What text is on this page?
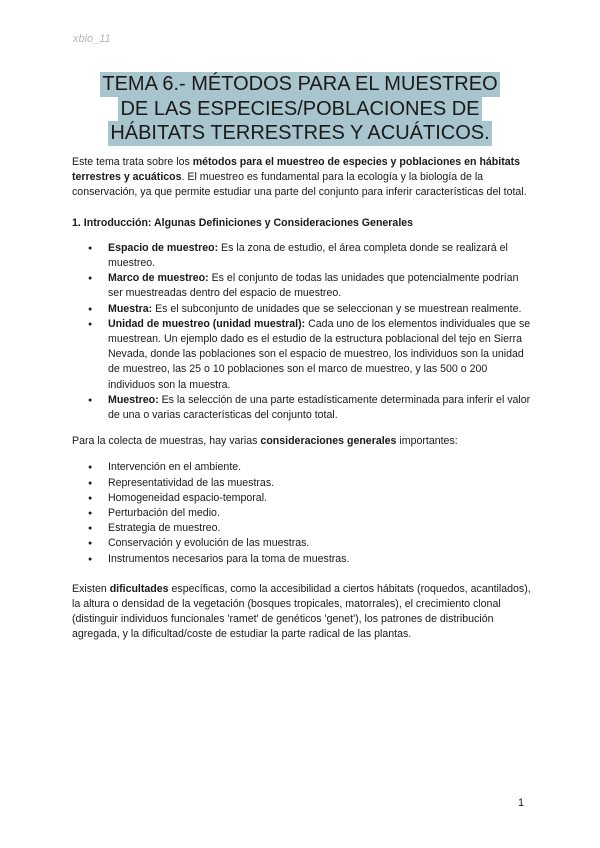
xbio_11
TEMA 6.- MÉTODOS PARA EL MUESTREO
DE LAS ESPECIES/POBLACIONES DE
HÁBITATS TERRESTRES Y ACUÁTICOS.

Este tema trata sobre los métodos para el muestreo de especies y poblaciones en hábitats terrestres y acuáticos. El muestreo es fundamental para la ecología y la biología de la conservación, ya que permite estudiar una parte del conjunto para inferir características del total.

1. Introducción: Algunas Definiciones y Consideraciones Generales

● Espacio de muestreo: Es la zona de estudio, el área completa donde se realizará el muestreo.
● Marco de muestreo: Es el conjunto de todas las unidades que potencialmente podrían ser muestreadas dentro del espacio de muestreo.
● Muestra: Es el subconjunto de unidades que se seleccionan y se muestrean realmente.
● Unidad de muestreo (unidad muestral): Cada uno de los elementos individuales que se muestrean. Un ejemplo dado es el estudio de la estructura poblacional del tejo en Sierra Nevada, donde las poblaciones son el espacio de muestreo, los individuos son la unidad de muestreo, las 25 o 10 poblaciones son el marco de muestreo, y las 500 o 200 individuos son la muestra.
● Muestreo: Es la selección de una parte estadísticamente determinada para inferir el valor de una o varias características del conjunto total.

Para la colecta de muestras, hay varias consideraciones generales importantes:

● Intervención en el ambiente.
● Representatividad de las muestras.
● Homogeneidad espacio-temporal.
● Perturbación del medio.
● Estrategia de muestreo.
● Conservación y evolución de las muestras.
● Instrumentos necesarios para la toma de muestras.

Existen dificultades específicas, como la accesibilidad a ciertos hábitats (roquedos, acantilados), la altura o densidad de la vegetación (bosques tropicales, matorrales), el crecimiento clonal (distinguir individuos funcionales 'ramet' de genéticos 'genet'), los patrones de distribución agregada, y la dificultad/coste de estudiar la parte radical de las plantas.

1
